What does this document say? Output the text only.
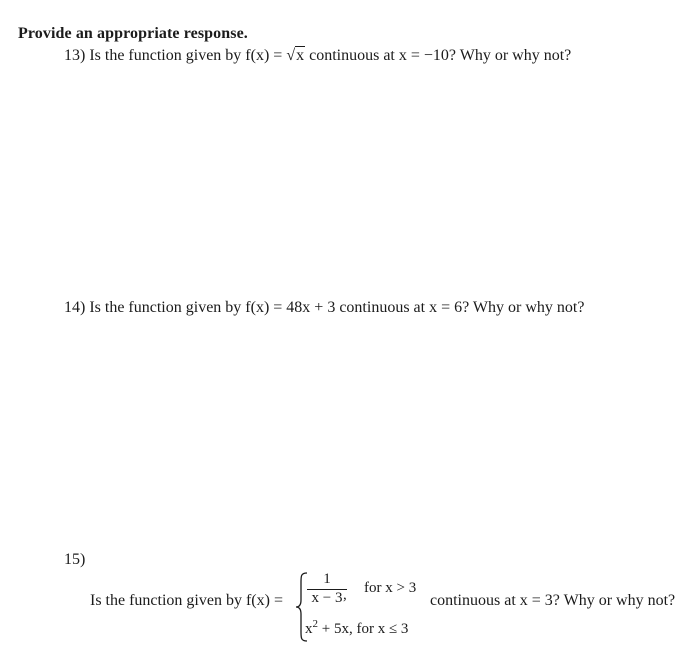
Provide an appropriate response.
13) Is the function given by f(x) = √x continuous at x = −10? Why or why not?
14) Is the function given by f(x) = 48x + 3 continuous at x = 6? Why or why not?
15)
Is the function given by f(x) =
1
x − 3 , for x > 3
$x^2 + 5x$, for x ≤ 3
continuous at x = 3? Why or why not?
